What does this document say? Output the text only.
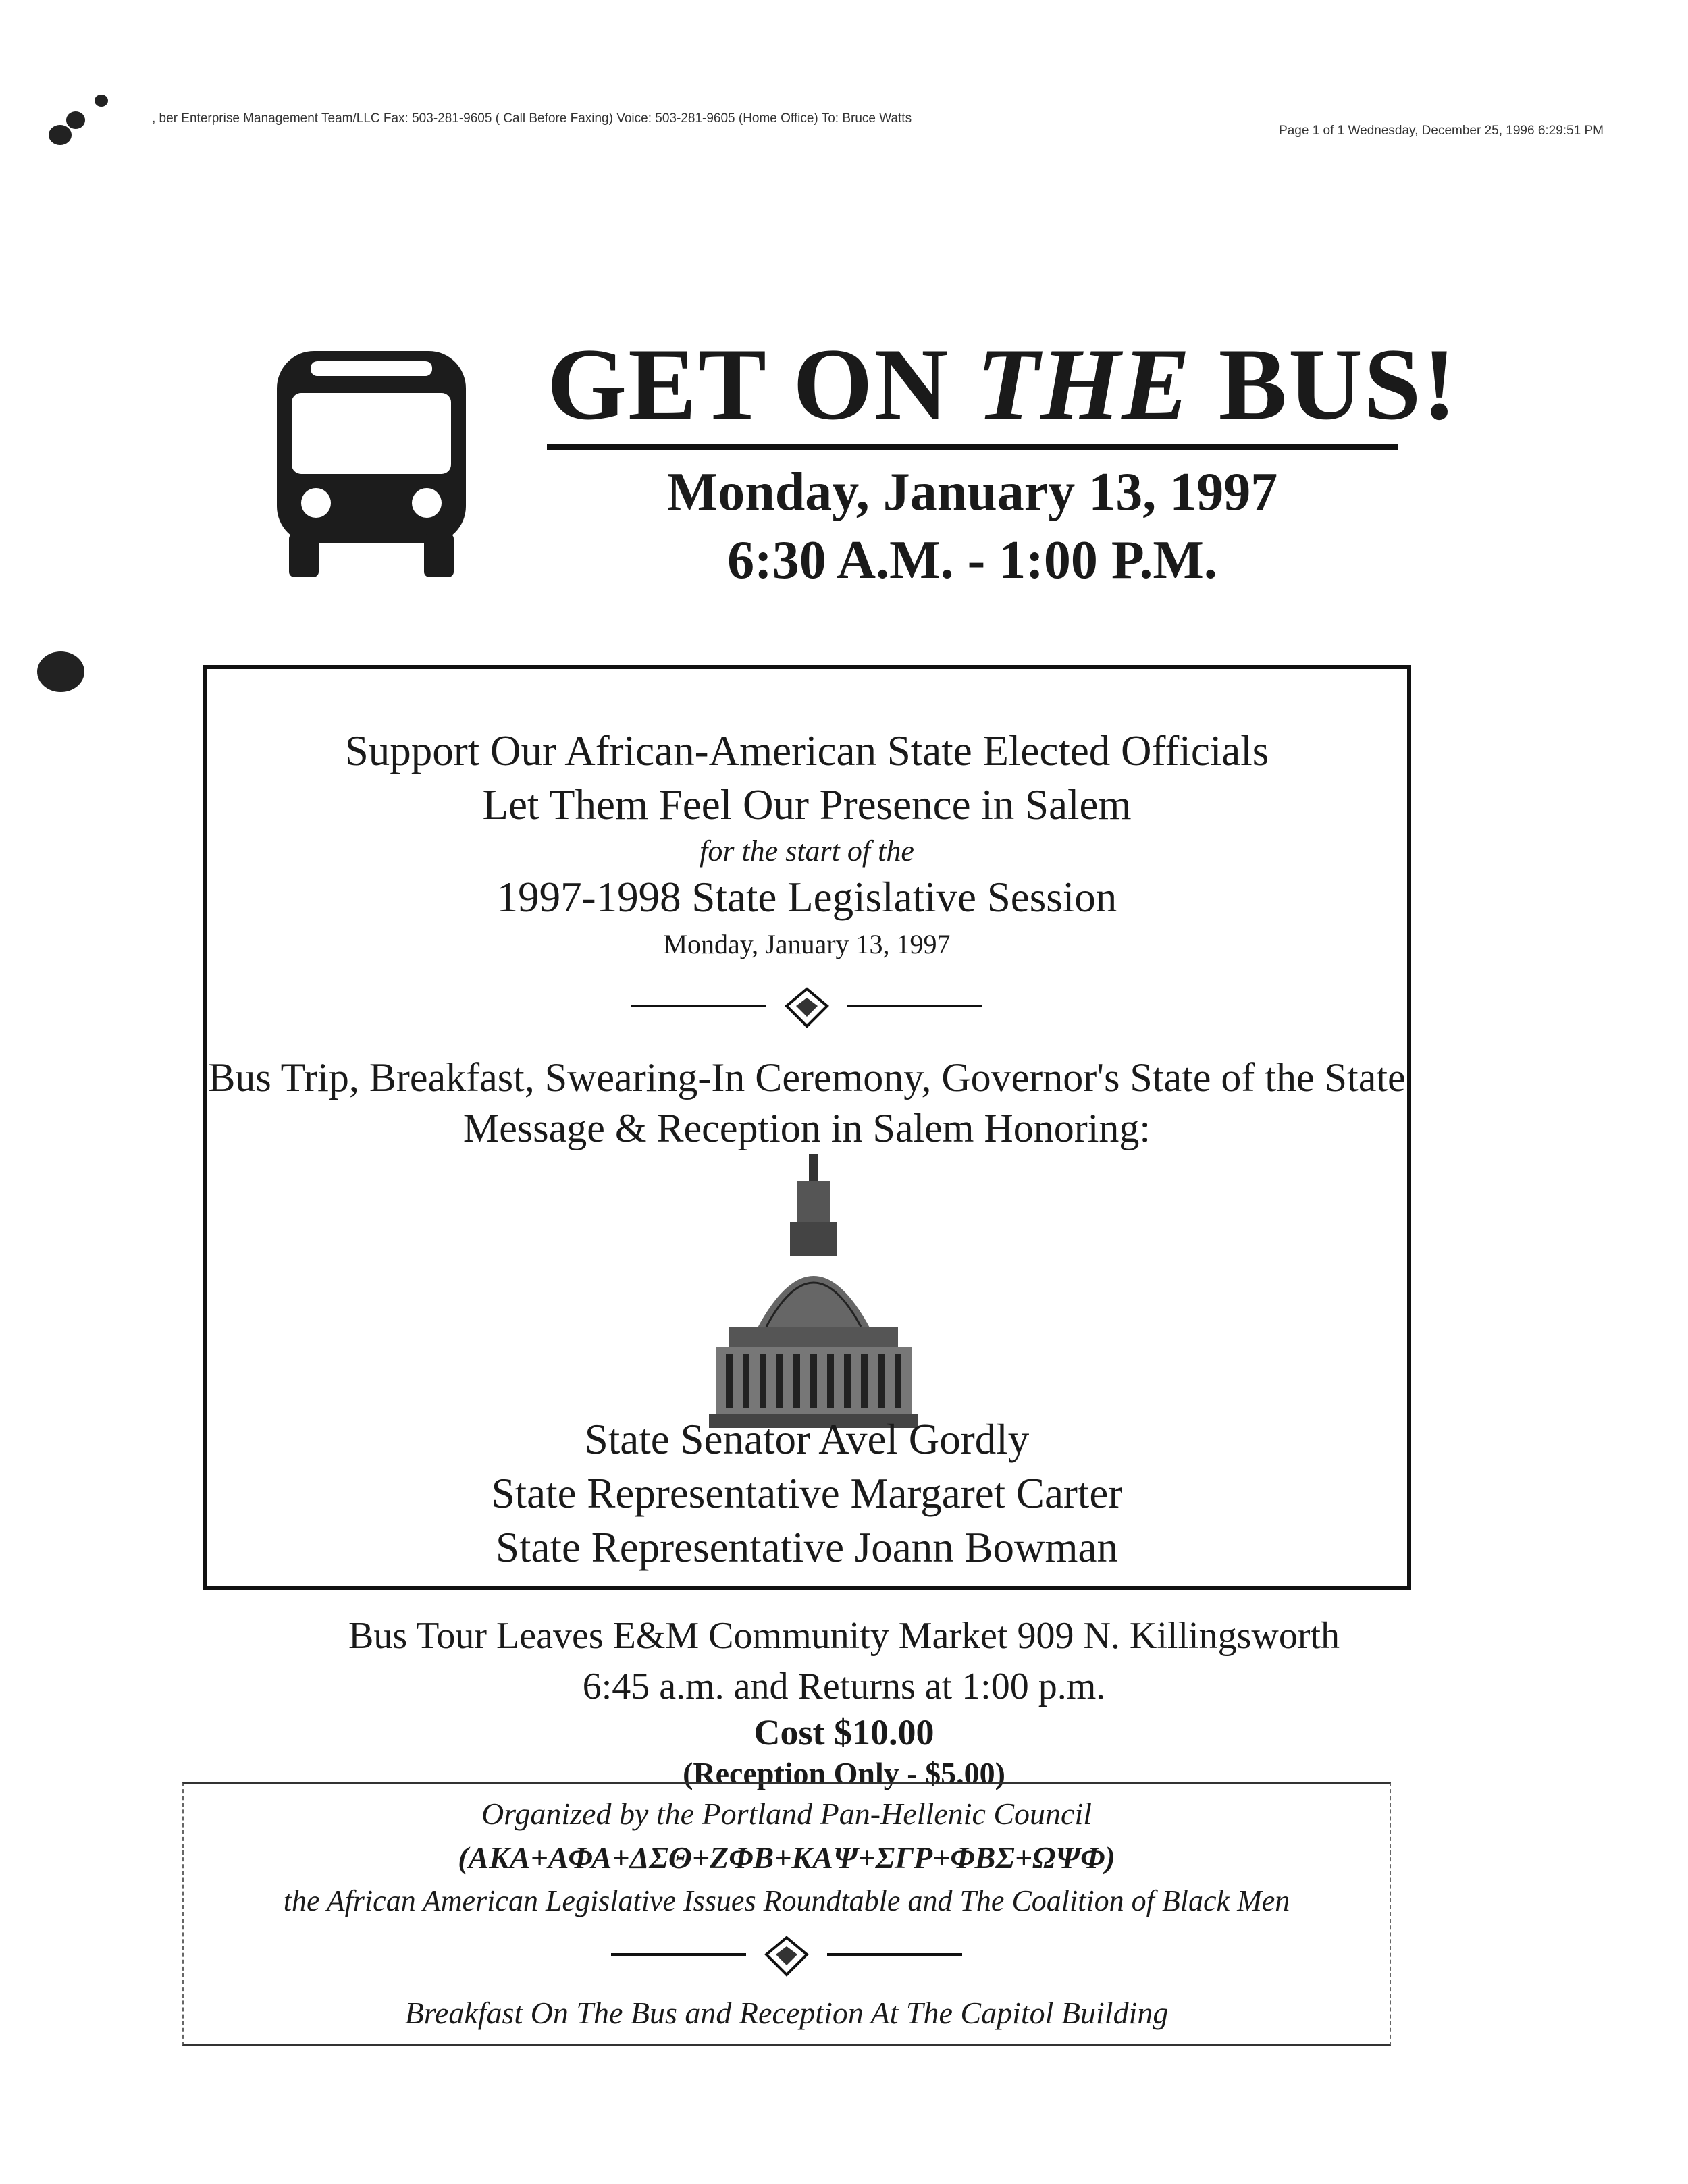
, ber Enterprise Management Team/LLC Fax: 503-281-9605 ( Call Before Faxing) Voice: 503-281-9605 (Home Office) To: Bruce Watts
Page 1 of 1 Wednesday, December 25, 1996 6:29:51 PM
GET ON THE BUS!
Monday, January 13, 1997
6:30 A.M. - 1:00 P.M.
Support Our African-American State Elected Officials
Let Them Feel Our Presence in Salem
for the start of the
1997-1998 State Legislative Session
Monday, January 13, 1997
Bus Trip, Breakfast, Swearing-In Ceremony, Governor's State of the State
Message & Reception in Salem Honoring:
State Senator Avel Gordly
State Representative Margaret Carter
State Representative Joann Bowman
Bus Tour Leaves E&M Community Market 909 N. Killingsworth
6:45 a.m. and Returns at 1:00 p.m.
Cost $10.00
(Reception Only - $5.00)
Organized by the Portland Pan-Hellenic Council
(ΑΚΑ+ΑΦΑ+ΔΣΘ+ΖΦΒ+ΚΑΨ+ΣΓΡ+ΦΒΣ+ΩΨΦ)
the African American Legislative Issues Roundtable and The Coalition of Black Men
Breakfast On The Bus and Reception At The Capitol Building
